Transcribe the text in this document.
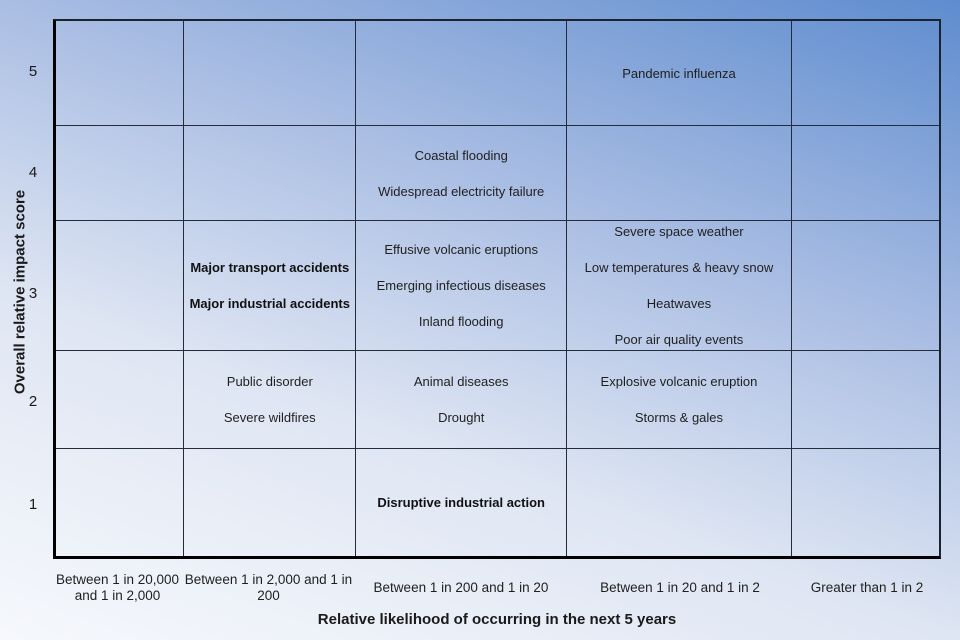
Overall relative impact score
5
4
3
2
1
Pandemic influenza
Coastal flooding
Widespread electricity failure
Major transport accidents
Major industrial accidents
Effusive volcanic eruptions
Emerging infectious diseases
Inland flooding
Severe space weather
Low temperatures & heavy snow
Heatwaves
Poor air quality events
Public disorder
Severe wildfires
Animal diseases
Drought
Explosive volcanic eruption
Storms & gales
Disruptive industrial action
Between 1 in 20,000 and 1 in 2,000
Between 1 in 2,000 and 1 in 200
Between 1 in 200 and 1 in 20	Between 1 in 20 and 1 in 2	Greater than 1 in 2
Relative likelihood of occurring in the next 5 years
